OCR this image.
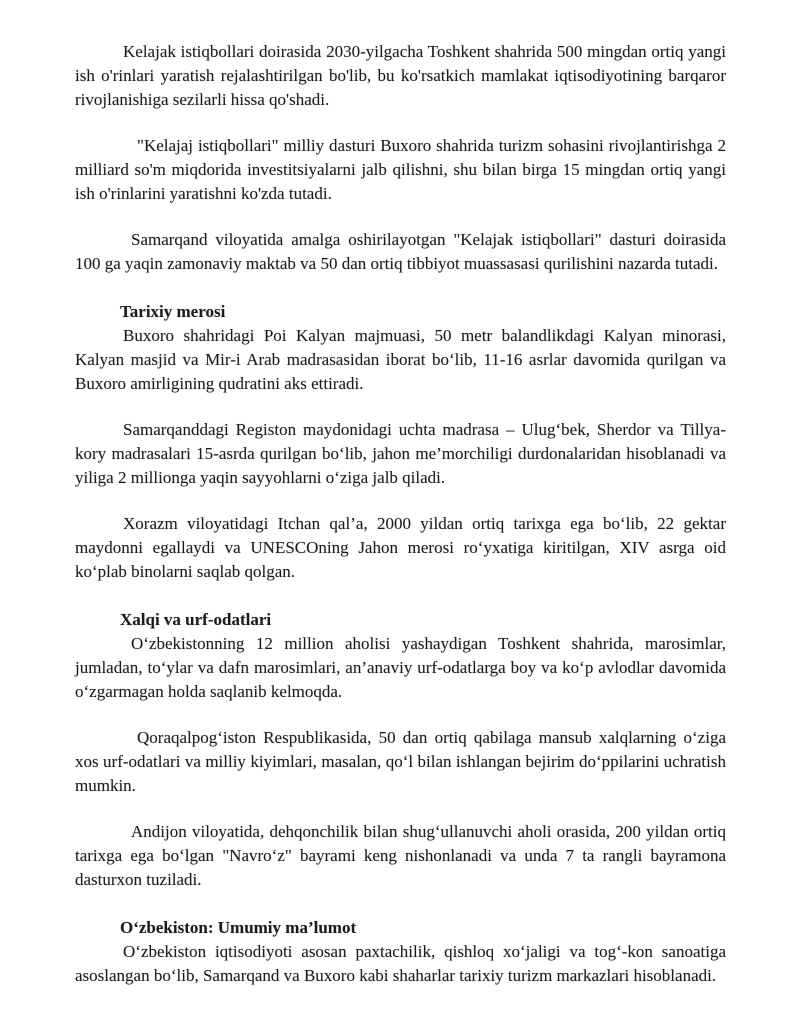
Kelajak istiqbollari doirasida 2030-yilgacha Toshkent shahrida 500 mingdan ortiq yangi ish o'rinlari yaratish rejalashtirilgan bo'lib, bu ko'rsatkich mamlakat iqtisodiyotining barqaror rivojlanishiga sezilarli hissa qo'shadi.

"Kelajaj istiqbollari" milliy dasturi Buxoro shahrida turizm sohasini rivojlantirishga 2 milliard so'm miqdorida investitsiyalarni jalb qilishni, shu bilan birga 15 mingdan ortiq yangi ish o'rinlarini yaratishni ko'zda tutadi.

Samarqand viloyatida amalga oshirilayotgan "Kelajak istiqbollari" dasturi doirasida 100 ga yaqin zamonaviy maktab va 50 dan ortiq tibbiyot muassasasi qurilishini nazarda tutadi.

Tarixiy merosi

Buxoro shahridagi Poi Kalyan majmuasi, 50 metr balandlikdagi Kalyan minorasi, Kalyan masjid va Mir-i Arab madrasasidan iborat bo‘lib, 11-16 asrlar davomida qurilgan va Buxoro amirligining qudratini aks ettiradi.

Samarqanddagi Registon maydonidagi uchta madrasa – Ulug‘bek, Sherdor va Tillya-kory madrasalari 15-asrda qurilgan bo‘lib, jahon me’morchiligi durdonalaridan hisoblanadi va yiliga 2 millionga yaqin sayyohlarni o‘ziga jalb qiladi.

Xorazm viloyatidagi Itchan qal’a, 2000 yildan ortiq tarixga ega bo‘lib, 22 gektar maydonni egallaydi va UNESCOning Jahon merosi ro‘yxatiga kiritilgan, XIV asrga oid ko‘plab binolarni saqlab qolgan.

Xalqi va urf-odatlari

O‘zbekistonning 12 million aholisi yashaydigan Toshkent shahrida, marosimlar, jumladan, to‘ylar va dafn marosimlari, an’anaviy urf-odatlarga boy va ko‘p avlodlar davomida o‘zgarmagan holda saqlanib kelmoqda.

Qoraqalpog‘iston Respublikasida, 50 dan ortiq qabilaga mansub xalqlarning o‘ziga xos urf-odatlari va milliy kiyimlari, masalan, qo‘l bilan ishlangan bejirim do‘ppilarini uchratish mumkin.

Andijon viloyatida, dehqonchilik bilan shug‘ullanuvchi aholi orasida, 200 yildan ortiq tarixga ega bo‘lgan "Navro‘z" bayrami keng nishonlanadi va unda 7 ta rangli bayramona dasturxon tuziladi.

O‘zbekiston: Umumiy ma’lumot

O‘zbekiston iqtisodiyoti asosan paxtachilik, qishloq xo‘jaligi va tog‘-kon sanoatiga asoslangan bo‘lib, Samarqand va Buxoro kabi shaharlar tarixiy turizm markazlari hisoblanadi.
